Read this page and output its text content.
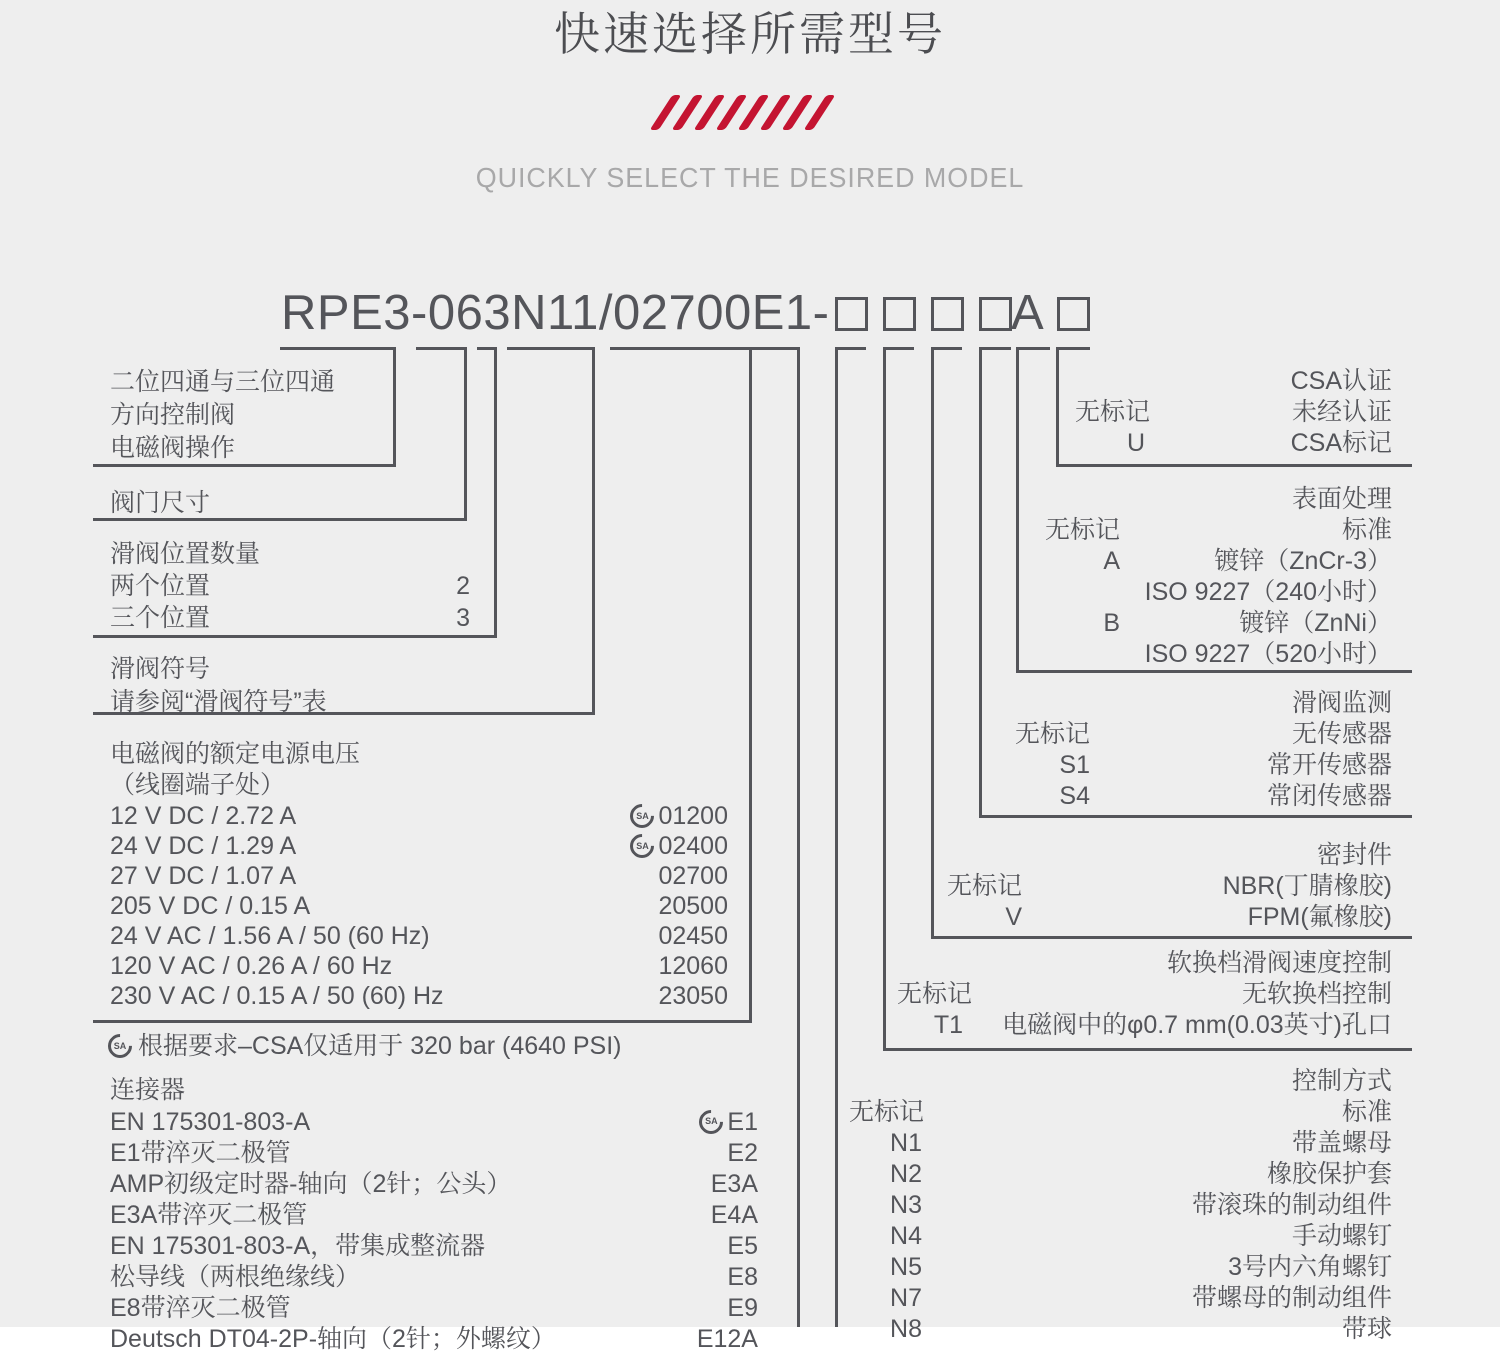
快速选择所需型号
QUICKLY SELECT THE DESIRED MODEL
RPE3-063N11/02700E1-	A
二位四通与三位四通
方向控制阀
电磁阀操作
阀门尺寸
滑阀位置数量
两个位置	2
三个位置	3
滑阀符号
请参阅“滑阀符号”表
电磁阀的额定电源电压
（线圈端子处）
12 V DC / 2.72 A	SA 01200
24 V DC / 1.29 A	SA 02400
27 V DC / 1.07 A	02700
205 V DC / 0.15 A	20500
24 V AC / 1.56 A / 50 (60 Hz)	02450
120 V AC / 0.26 A / 60 Hz	12060
230 V AC / 0.15 A / 50 (60) Hz	23050
SA 根据要求–CSA仅适用于 320 bar (4640 PSI)
连接器
EN 175301-803-A	SA E1
E1带淬灭二极管	E2
AMP初级定时器-轴向（2针；公头）	E3A
E3A带淬灭二极管	E4A
EN 175301-803-A，带集成整流器	E5
松导线（两根绝缘线）	E8
E8带淬灭二极管	E9
Deutsch DT04-2P-轴向（2针；外螺纹）	E12A
CSA认证
无标记	未经认证
U	CSA标记
表面处理
无标记	标准
A	镀锌（ZnCr-3）
ISO 9227（240小时）
B	镀锌（ZnNi）
ISO 9227（520小时）
滑阀监测
无标记	无传感器
S1	常开传感器
S4	常闭传感器
密封件
无标记	NBR(丁腈橡胶)
V	FPM(氟橡胶)
软换档滑阀速度控制
无标记	无软换档控制
T1	电磁阀中的φ0.7 mm(0.03英寸)孔口
控制方式
无标记	标准
N1	带盖螺母
N2	橡胶保护套
N3	带滚珠的制动组件
N4	手动螺钉
N5	3号内六角螺钉
N7	带螺母的制动组件
N8	带球
